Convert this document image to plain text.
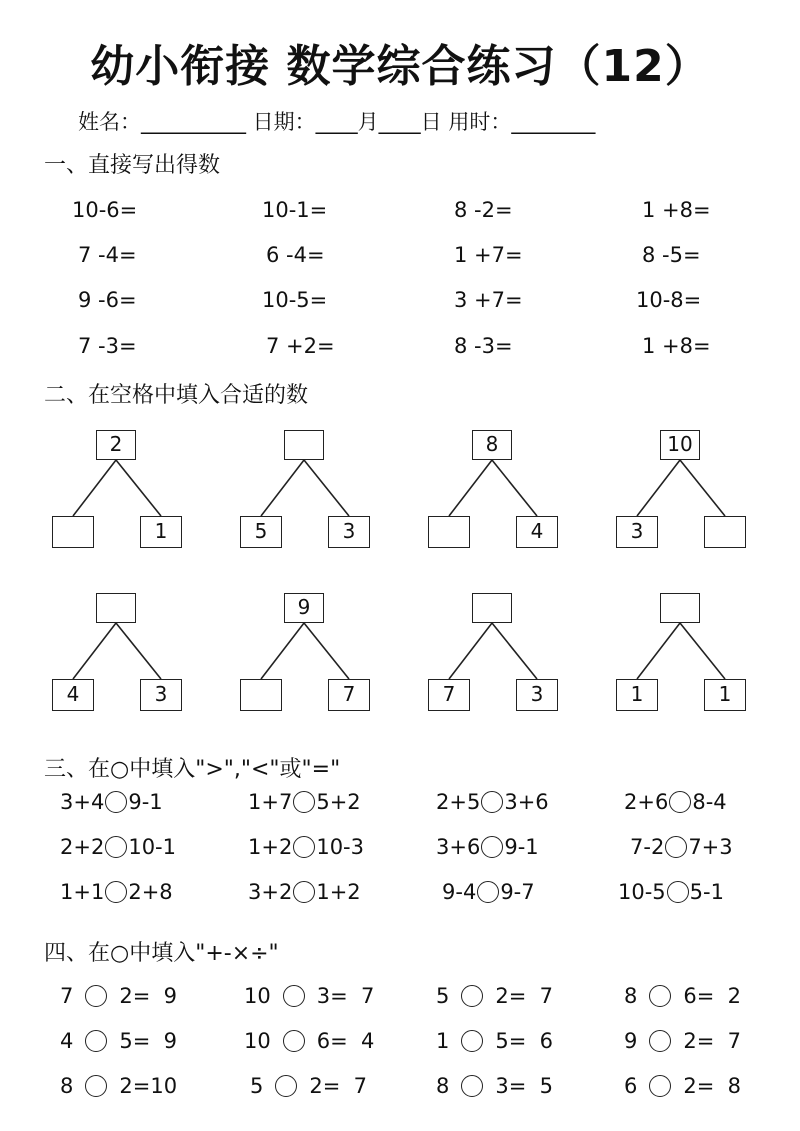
幼小衔接 数学综合练习（12）
姓名：__________ 日期：____月____日 用时：________
一、直接写出得数
10-6=	10-1=	8 -2=	1 +8=
7 -4=	6 -4=	1 +7=	8 -5=
9 -6=	10-5=	3 +7=	10-8=
7 -3=	7 +2=	8 -3=	1 +8=
二、在空格中填入合适的数
2
1	5	3
8
4
10
3
4	3
9
7	7	3	1	1
三、在○中填入">","<"或"="
3+4 9-1	1+7 5+2	2+5 3+6	2+6 8-4
2+2 10-1	1+2 10-3	3+6 9-1	7-2 7+3
1+1 2+8	3+2 1+2	9-4 9-7	10-5 5-1
四、在○中填入"+-×÷"
7 2=  9	10 3=  7	5 2=  7	8 6=  2
4 5=  9	10 6=  4	1 5=  6	9 2=  7
8 2=10	5 2=  7	8 3=  5	6 2=  8
